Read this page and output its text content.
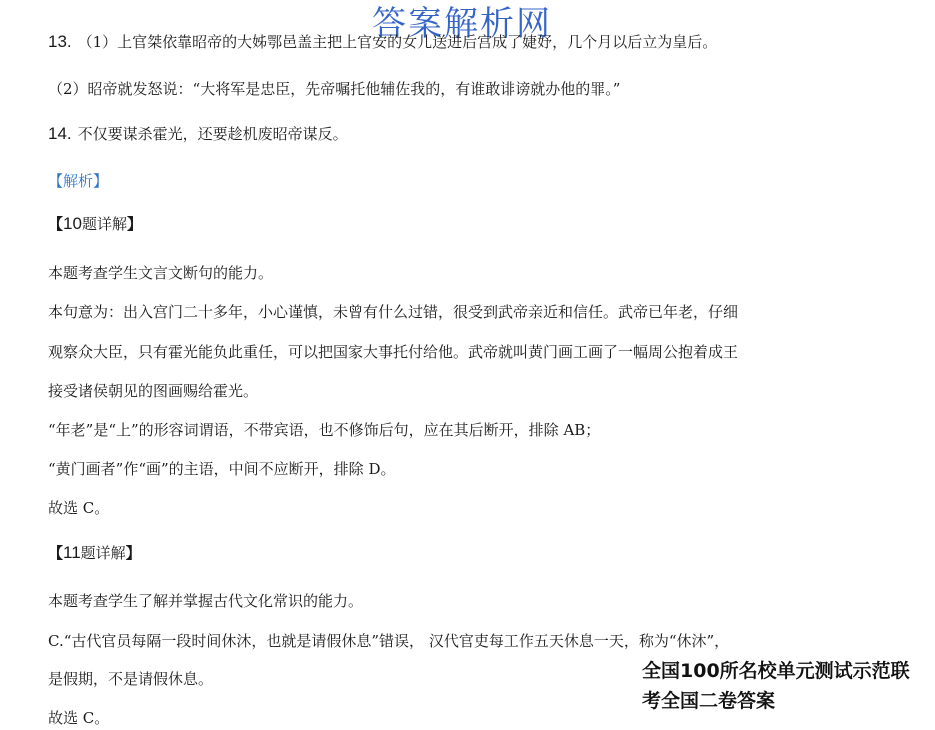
答案解析网
13. （1）上官桀依靠昭帝的大姊鄂邑盖主把上官安的女儿送进后宫成了婕妤，几个月以后立为皇后。
（2）昭帝就发怒说：“大将军是忠臣，先帝嘱托他辅佐我的，有谁敢诽谤就办他的罪。”
14. 不仅要谋杀霍光，还要趁机废昭帝谋反。
【解析】
【10题详解】
本题考查学生文言文断句的能力。
本句意为：出入宫门二十多年，小心谨慎，未曾有什么过错，很受到武帝亲近和信任。武帝已年老，仔细
观察众大臣，只有霍光能负此重任，可以把国家大事托付给他。武帝就叫黄门画工画了一幅周公抱着成王
接受诸侯朝见的图画赐给霍光。
“年老”是“上”的形容词谓语，不带宾语，也不修饰后句，应在其后断开，排除 AB；
“黄门画者”作“画”的主语，中间不应断开，排除 D。
故选 C。
【11题详解】
本题考查学生了解并掌握古代文化常识的能力。
C.“古代官员每隔一段时间休沐，也就是请假休息”错误， 汉代官吏每工作五天休息一天，称为“休沐”，
是假期，不是请假休息。
故选 C。
全国100所名校单元测试示范联
考全国二卷答案
